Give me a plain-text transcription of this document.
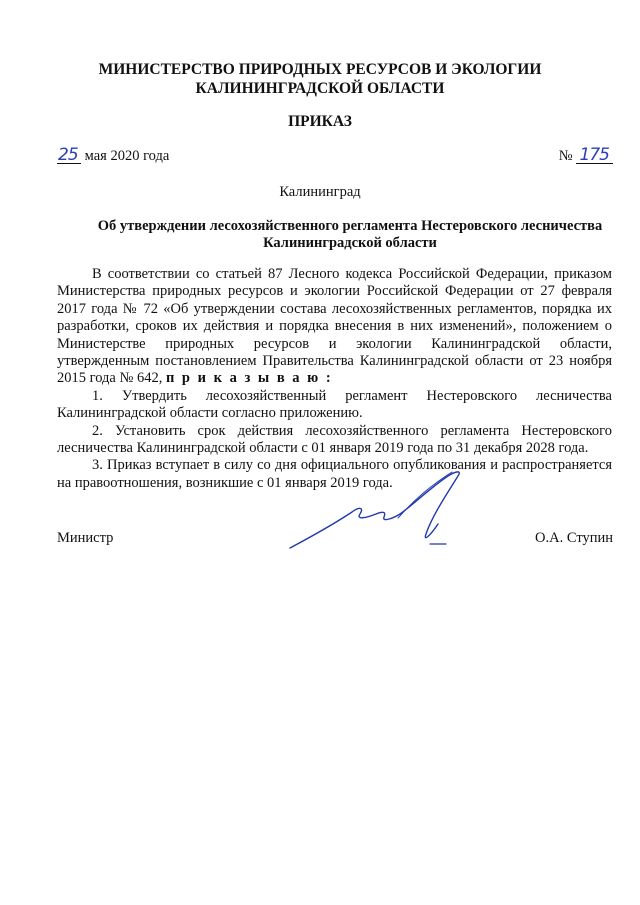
МИНИСТЕРСТВО ПРИРОДНЫХ РЕСУРСОВ И ЭКОЛОГИИ
КАЛИНИНГРАДСКОЙ ОБЛАСТИ
ПРИКАЗ
25 мая 2020 года	№ 175
Калининград
Об утверждении лесохозяйственного регламента Нестеровского лесничества
Калининградской области

В соответствии со статьей 87 Лесного кодекса Российской Федерации, приказом Министерства природных ресурсов и экологии Российской Федерации от 27 февраля 2017 года № 72 «Об утверждении состава лесохозяйственных регламентов, порядка их разработки, сроков их действия и порядка внесения в них изменений», положением о Министерстве природных ресурсов и экологии Калининградской области, утвержденным постановлением Правительства Калининградской области от 23 ноября 2015 года № 642, п р и к а з ы в а ю :

1. Утвердить лесохозяйственный регламент Нестеровского лесничества Калининградской области согласно приложению.

2. Установить срок действия лесохозяйственного регламента Нестеровского лесничества Калининградской области с 01 января 2019 года по 31 декабря 2028 года.

3. Приказ вступает в силу со дня официального опубликования и распространяется на правоотношения, возникшие с 01 января 2019 года.

Министр	О.А. Ступин
